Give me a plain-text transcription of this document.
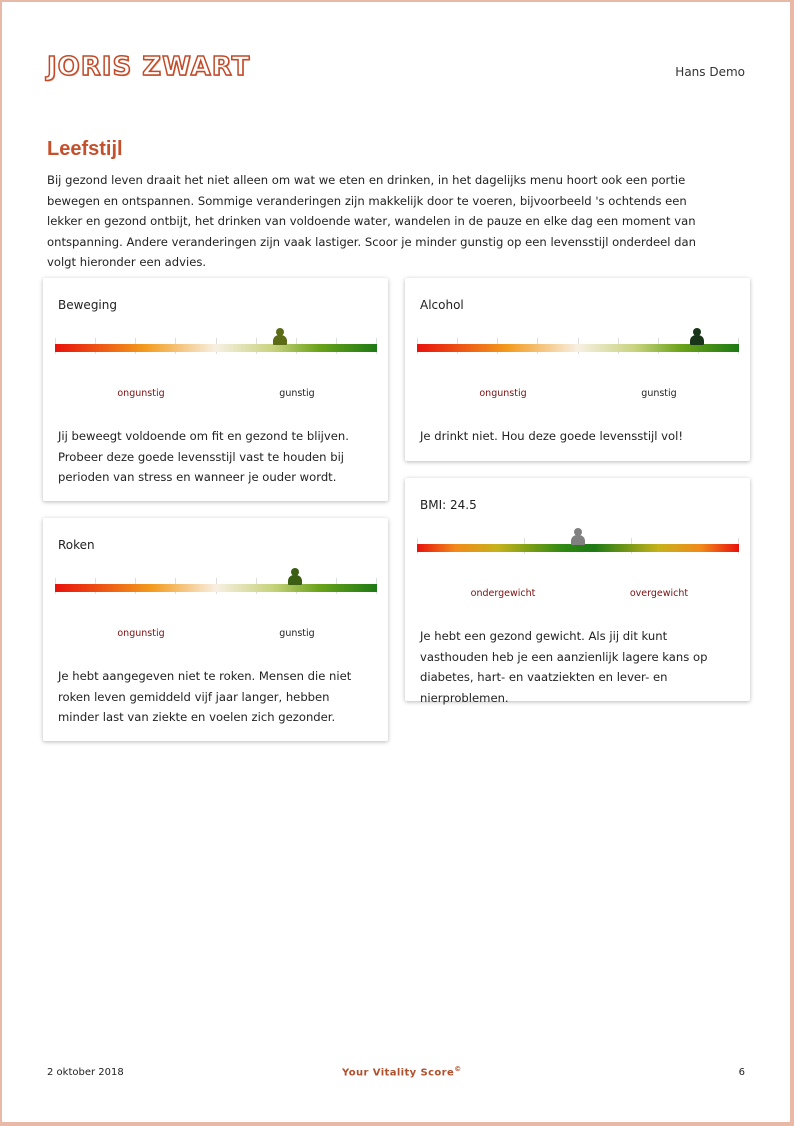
JORIS ZWART	Hans Demo
Leefstijl

Bij gezond leven draait het niet alleen om wat we eten en drinken, in het dagelijks menu hoort ook een portie bewegen en ontspannen. Sommige veranderingen zijn makkelijk door te voeren, bijvoorbeeld 's ochtends een lekker en gezond ontbijt, het drinken van voldoende water, wandelen in de pauze en elke dag een moment van ontspanning. Andere veranderingen zijn vaak lastiger. Scoor je minder gunstig op een levensstijl onderdeel dan volgt hieronder een advies.

Beweging
ongunstig	gunstig

Jij beweegt voldoende om fit en gezond te blijven. Probeer deze goede levensstijl vast te houden bij perioden van stress en wanneer je ouder wordt.

Alcohol
ongunstig	gunstig

Je drinkt niet. Hou deze goede levensstijl vol!

Roken
ongunstig	gunstig

Je hebt aangegeven niet te roken. Mensen die niet roken leven gemiddeld vijf jaar langer, hebben minder last van ziekte en voelen zich gezonder.

BMI: 24.5
ondergewicht	overgewicht

Je hebt een gezond gewicht. Als jij dit kunt vasthouden heb je een aanzienlijk lagere kans op diabetes, hart- en vaatziekten en lever- en nierproblemen.

2 oktober 2018	Your Vitality Score©	6
